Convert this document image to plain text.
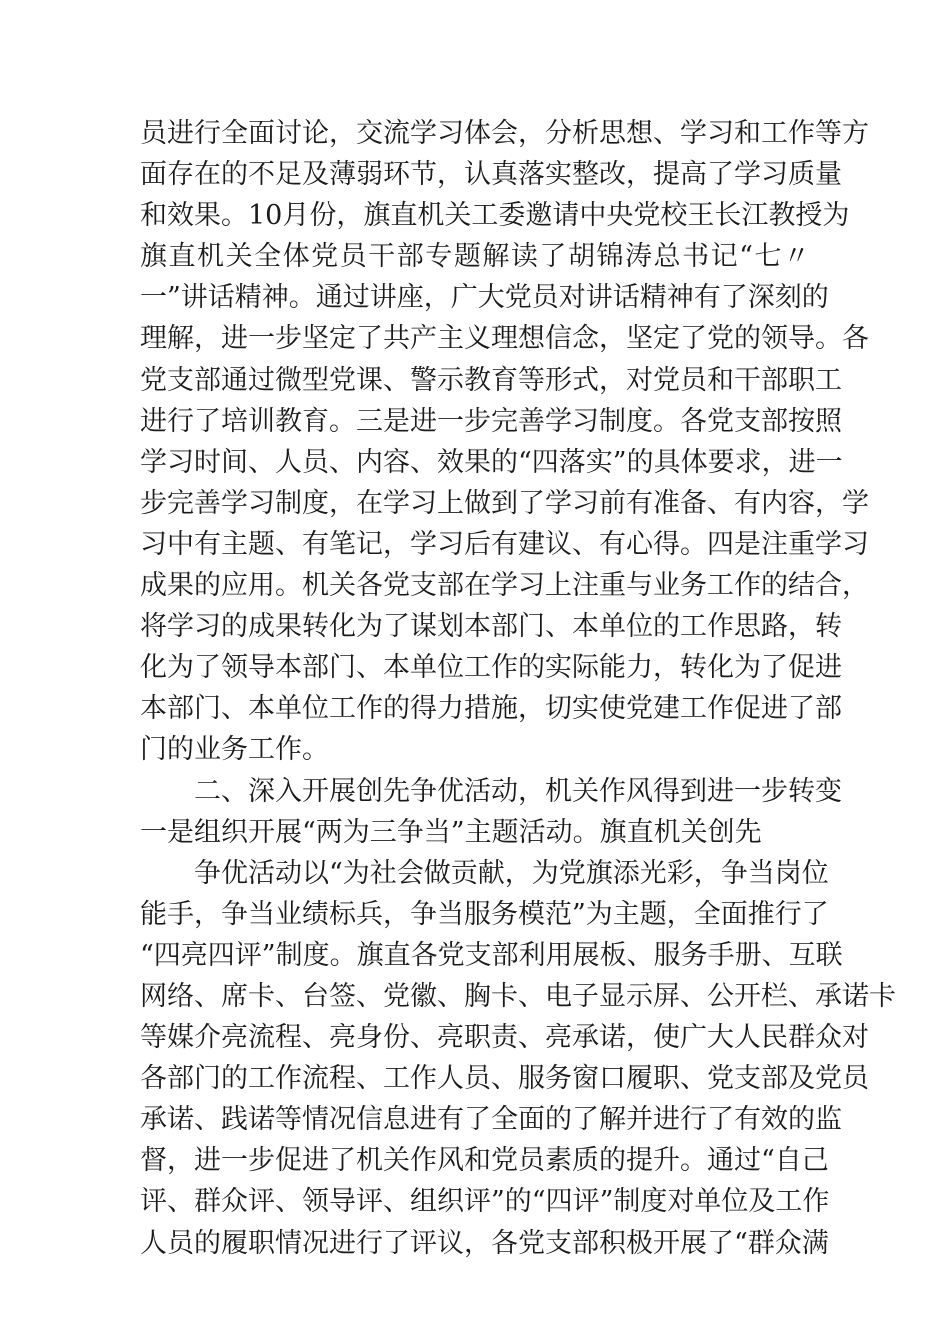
员进行全面讨论，交流学习体会，分析思想、学习和工作等方
面存在的不足及薄弱环节，认真落实整改，提高了学习质量
和效果。10月份，旗直机关工委邀请中央党校王长江教授为
旗直机关全体党员干部专题解读了胡锦涛总书记“七〃
一”讲话精神。通过讲座，广大党员对讲话精神有了深刻的
理解，进一步坚定了共产主义理想信念，坚定了党的领导。各
党支部通过微型党课、警示教育等形式，对党员和干部职工
进行了培训教育。三是进一步完善学习制度。各党支部按照
学习时间、人员、内容、效果的“四落实”的具体要求，进一
步完善学习制度，在学习上做到了学习前有准备、有内容，学
习中有主题、有笔记，学习后有建议、有心得。四是注重学习
成果的应用。机关各党支部在学习上注重与业务工作的结合，
将学习的成果转化为了谋划本部门、本单位的工作思路，转
化为了领导本部门、本单位工作的实际能力，转化为了促进
本部门、本单位工作的得力措施，切实使党建工作促进了部
门的业务工作。
二、深入开展创先争优活动，机关作风得到进一步转变
一是组织开展“两为三争当”主题活动。旗直机关创先
争优活动以“为社会做贡献，为党旗添光彩，争当岗位
能手，争当业绩标兵，争当服务模范”为主题，全面推行了
“四亮四评”制度。旗直各党支部利用展板、服务手册、互联
网络、席卡、台签、党徽、胸卡、电子显示屏、公开栏、承诺卡
等媒介亮流程、亮身份、亮职责、亮承诺，使广大人民群众对
各部门的工作流程、工作人员、服务窗口履职、党支部及党员
承诺、践诺等情况信息进有了全面的了解并进行了有效的监
督，进一步促进了机关作风和党员素质的提升。通过“自己
评、群众评、领导评、组织评”的“四评”制度对单位及工作
人员的履职情况进行了评议，各党支部积极开展了“群众满
